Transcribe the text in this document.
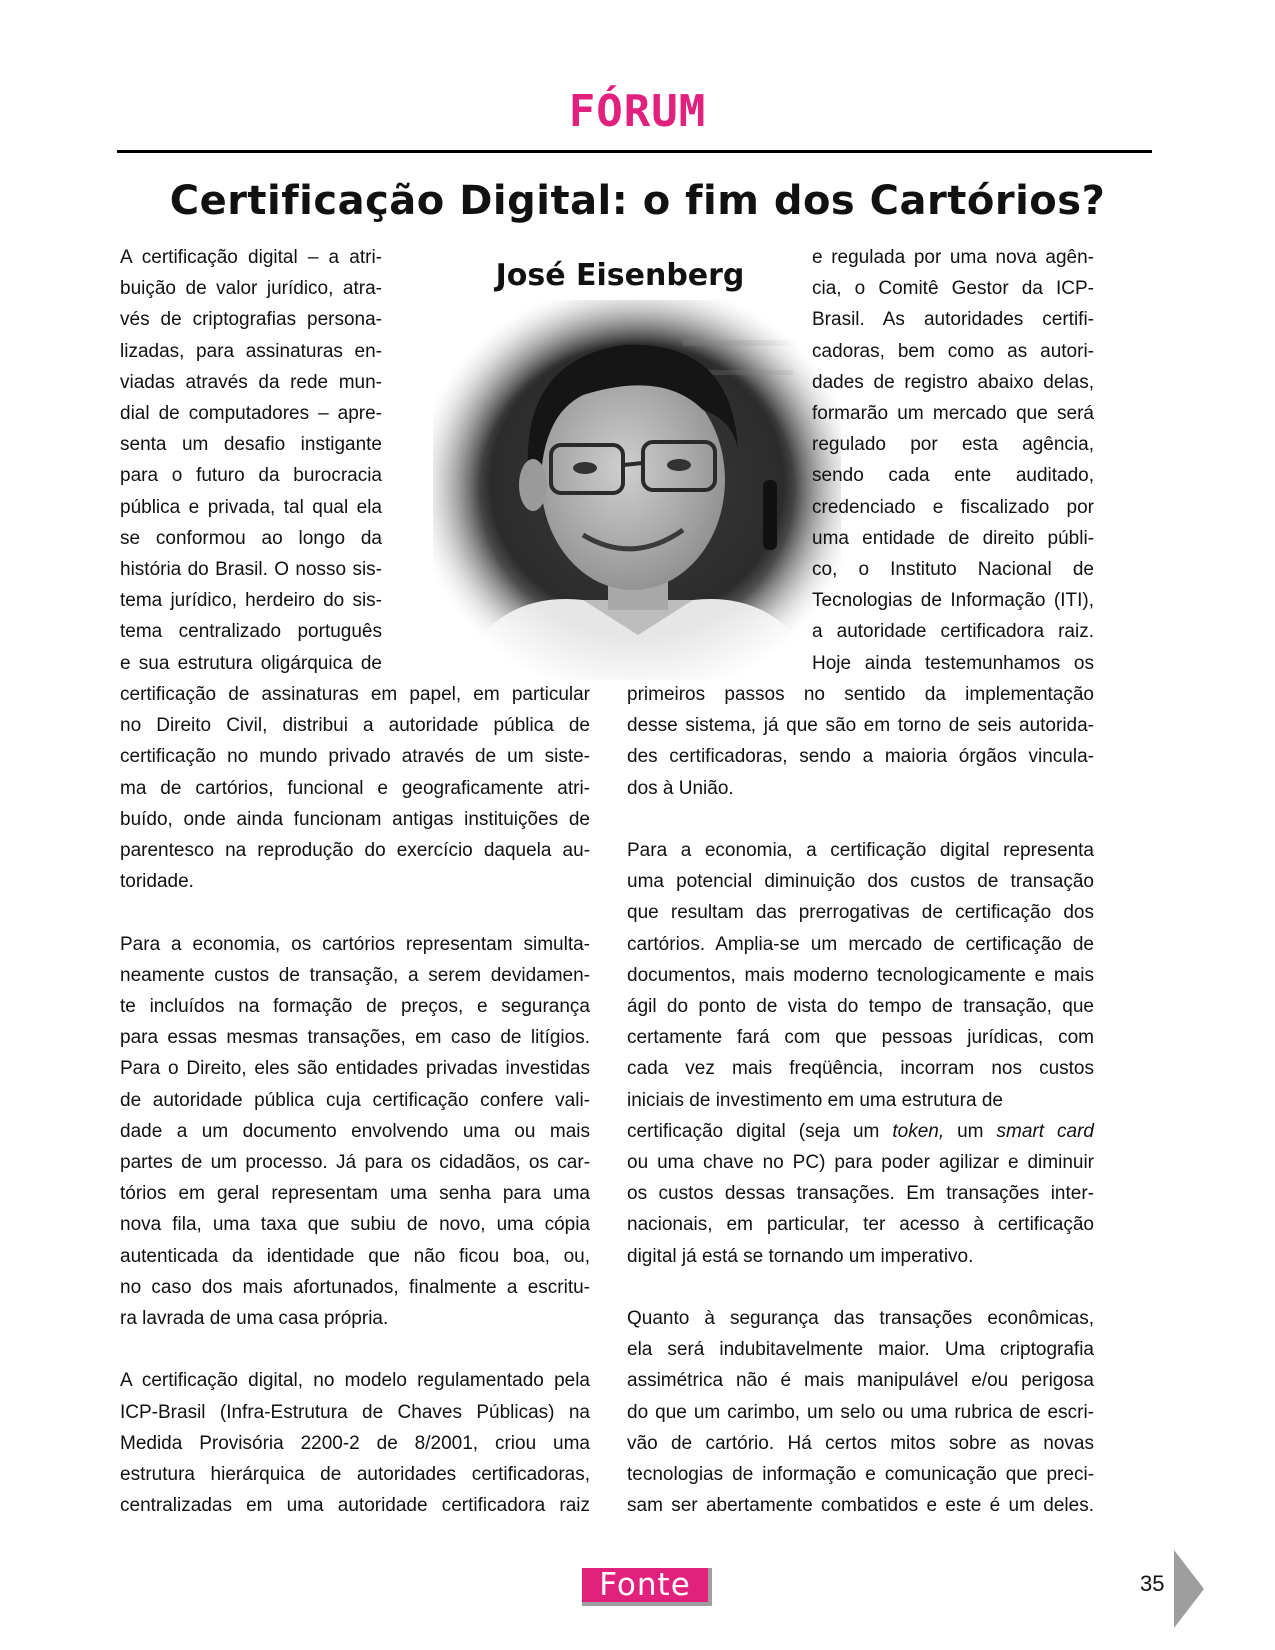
FÓRUM
Certificação Digital: o fim dos Cartórios?
José Eisenberg
A certificação digital – a atri-
buição de valor jurídico, atra-
vés de criptografias persona-
lizadas, para assinaturas en-
viadas através da rede mun-
dial de computadores – apre-
senta um desafio instigante
para o futuro da burocracia
pública e privada, tal qual ela
se conformou ao longo da
história do Brasil. O nosso sis-
tema jurídico, herdeiro do sis-
tema centralizado português
e sua estrutura oligárquica de
certificação de assinaturas em papel, em particular
no Direito Civil, distribui a autoridade pública de
certificação no mundo privado através de um siste-
ma de cartórios, funcional e geograficamente atri-
buído, onde ainda funcionam antigas instituições de
parentesco na reprodução do exercício daquela au-
toridade.
Para a economia, os cartórios representam simulta-
neamente custos de transação, a serem devidamen-
te incluídos na formação de preços, e segurança
para essas mesmas transações, em caso de litígios.
Para o Direito, eles são entidades privadas investidas
de autoridade pública cuja certificação confere vali-
dade a um documento envolvendo uma ou mais
partes de um processo. Já para os cidadãos, os car-
tórios em geral representam uma senha para uma
nova fila, uma taxa que subiu de novo, uma cópia
autenticada da identidade que não ficou boa, ou,
no caso dos mais afortunados, finalmente a escritu-
ra lavrada de uma casa própria.
A certificação digital, no modelo regulamentado pela
ICP-Brasil (Infra-Estrutura de Chaves Públicas) na
Medida Provisória 2200-2 de 8/2001, criou uma
estrutura hierárquica de autoridades certificadoras,
centralizadas em uma autoridade certificadora raiz
e regulada por uma nova agên-
cia, o Comitê Gestor da ICP-
Brasil. As autoridades certifi-
cadoras, bem como as autori-
dades de registro abaixo delas,
formarão um mercado que será
regulado por esta agência,
sendo cada ente auditado,
credenciado e fiscalizado por
uma entidade de direito públi-
co, o Instituto Nacional de
Tecnologias de Informação (ITI),
a autoridade certificadora raiz.
Hoje ainda testemunhamos os
primeiros passos no sentido da implementação
desse sistema, já que são em torno de seis autorida-
des certificadoras, sendo a maioria órgãos vincula-
dos à União.
Para a economia, a certificação digital representa
uma potencial diminuição dos custos de transação
que resultam das prerrogativas de certificação dos
cartórios. Amplia-se um mercado de certificação de
documentos, mais moderno tecnologicamente e mais
ágil do ponto de vista do tempo de transação, que
certamente fará com que pessoas jurídicas, com
cada vez mais freqüência, incorram nos custos
iniciais de investimento em uma estrutura de
certificação digital (seja um token, um smart card
ou uma chave no PC) para poder agilizar e diminuir
os custos dessas transações. Em transações inter-
nacionais, em particular, ter acesso à certificação
digital já está se tornando um imperativo.
Quanto à segurança das transações econômicas,
ela será indubitavelmente maior. Uma criptografia
assimétrica não é mais manipulável e/ou perigosa
do que um carimbo, um selo ou uma rubrica de escri-
vão de cartório. Há certos mitos sobre as novas
tecnologias de informação e comunicação que preci-
sam ser abertamente combatidos e este é um deles.
Fonte	35
